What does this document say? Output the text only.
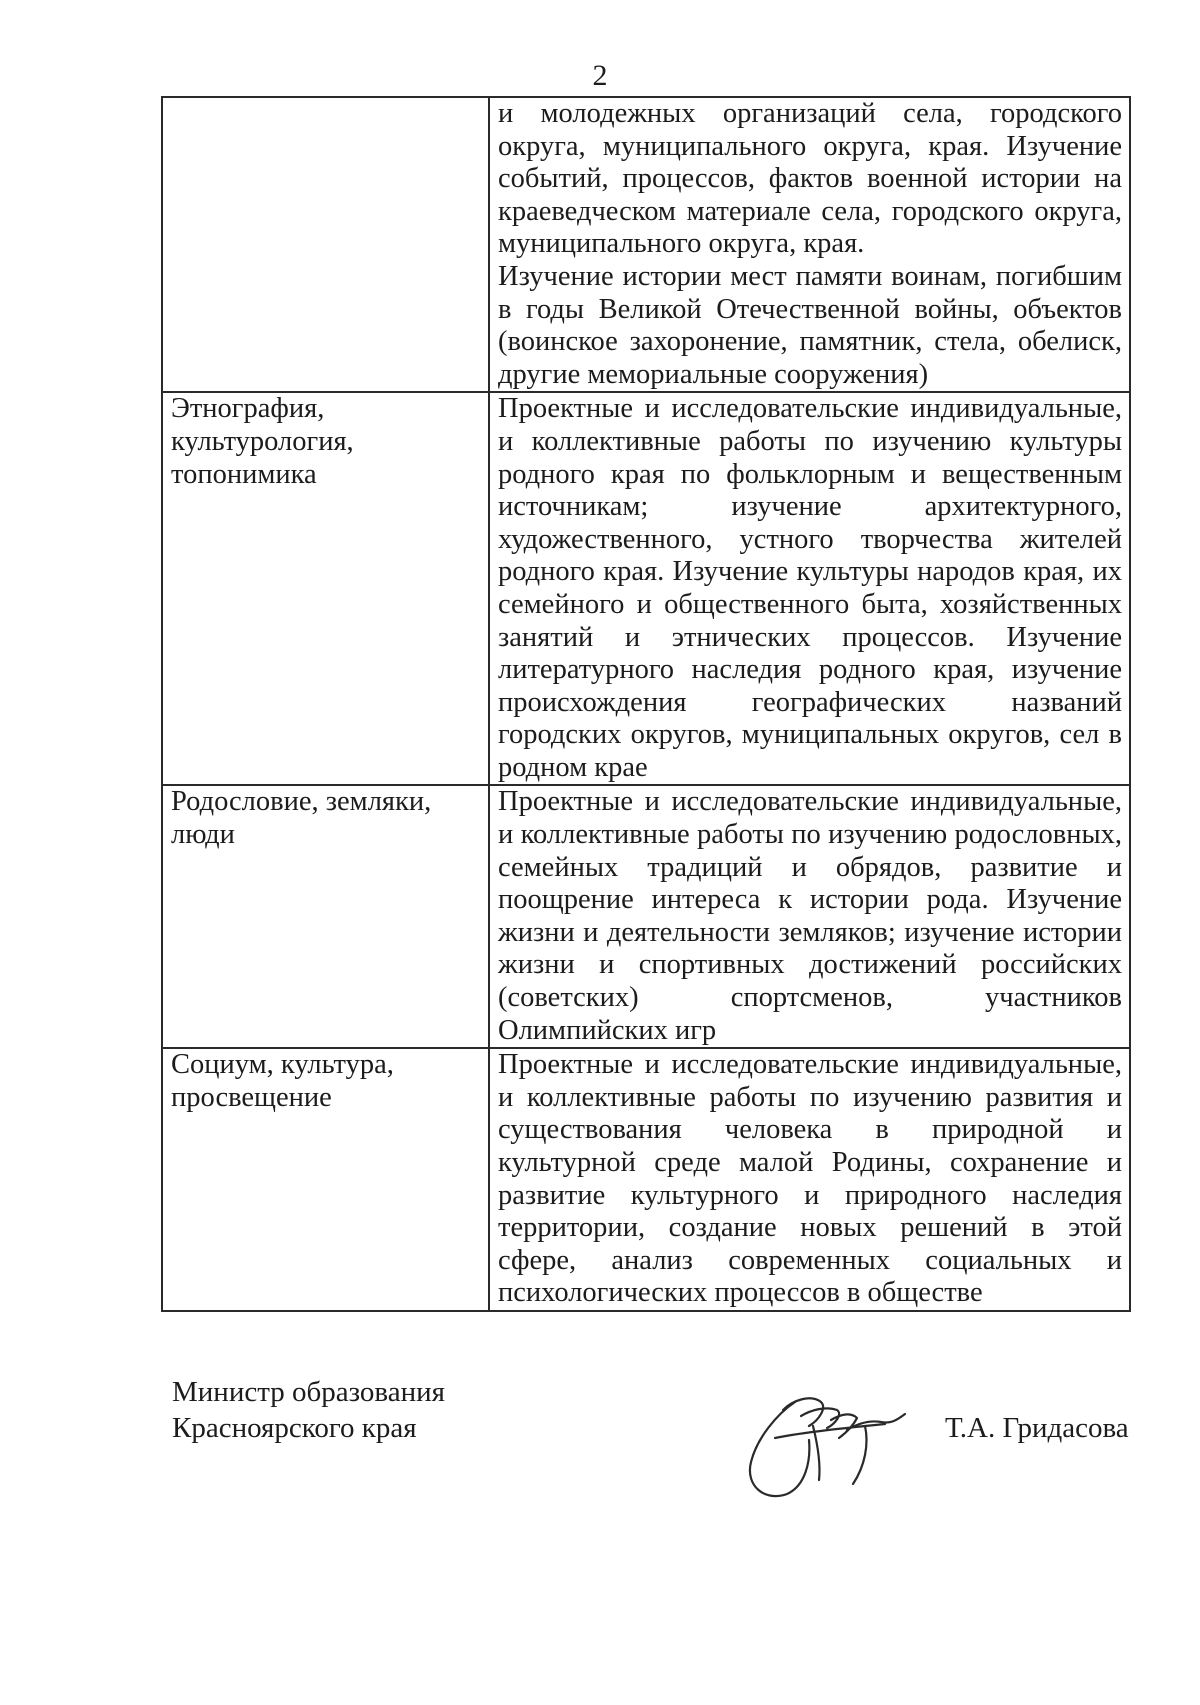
2

	и молодежных организаций села, городского округа, муниципального округа, края. Изучение событий, процессов, фактов военной истории на краеведческом материале села, городского округа, муниципального округа, края.
Изучение истории мест памяти воинам, погибшим в годы Великой Отечественной войны, объектов (воинское захоронение, памятник, стела, обелиск, другие мемориальные сооружения)

Этнография, культурология, топонимика	Проектные и исследовательские индивидуальные, и коллективные работы по изучению культуры родного края по фольклорным и вещественным источникам; изучение архитектурного, художественного, устного творчества жителей родного края. Изучение культуры народов края, их семейного и общественного быта, хозяйственных занятий и этнических процессов. Изучение литературного наследия родного края, изучение происхождения географических названий городских округов, муниципальных округов, сел в родном крае

Родословие, земляки, люди	Проектные и исследовательские индивидуальные, и коллективные работы по изучению родословных, семейных традиций и обрядов, развитие и поощрение интереса к истории рода. Изучение жизни и деятельности земляков; изучение истории жизни и спортивных достижений российских (советских) спортсменов, участников Олимпийских игр

Социум, культура, просвещение	Проектные и исследовательские индивидуальные, и коллективные работы по изучению развития и существования человека в природной и культурной среде малой Родины, сохранение и развитие культурного и природного наследия территории, создание новых решений в этой сфере, анализ современных социальных и психологических процессов в обществе
Министр образования
Красноярского края	Т.А. Гридасова
